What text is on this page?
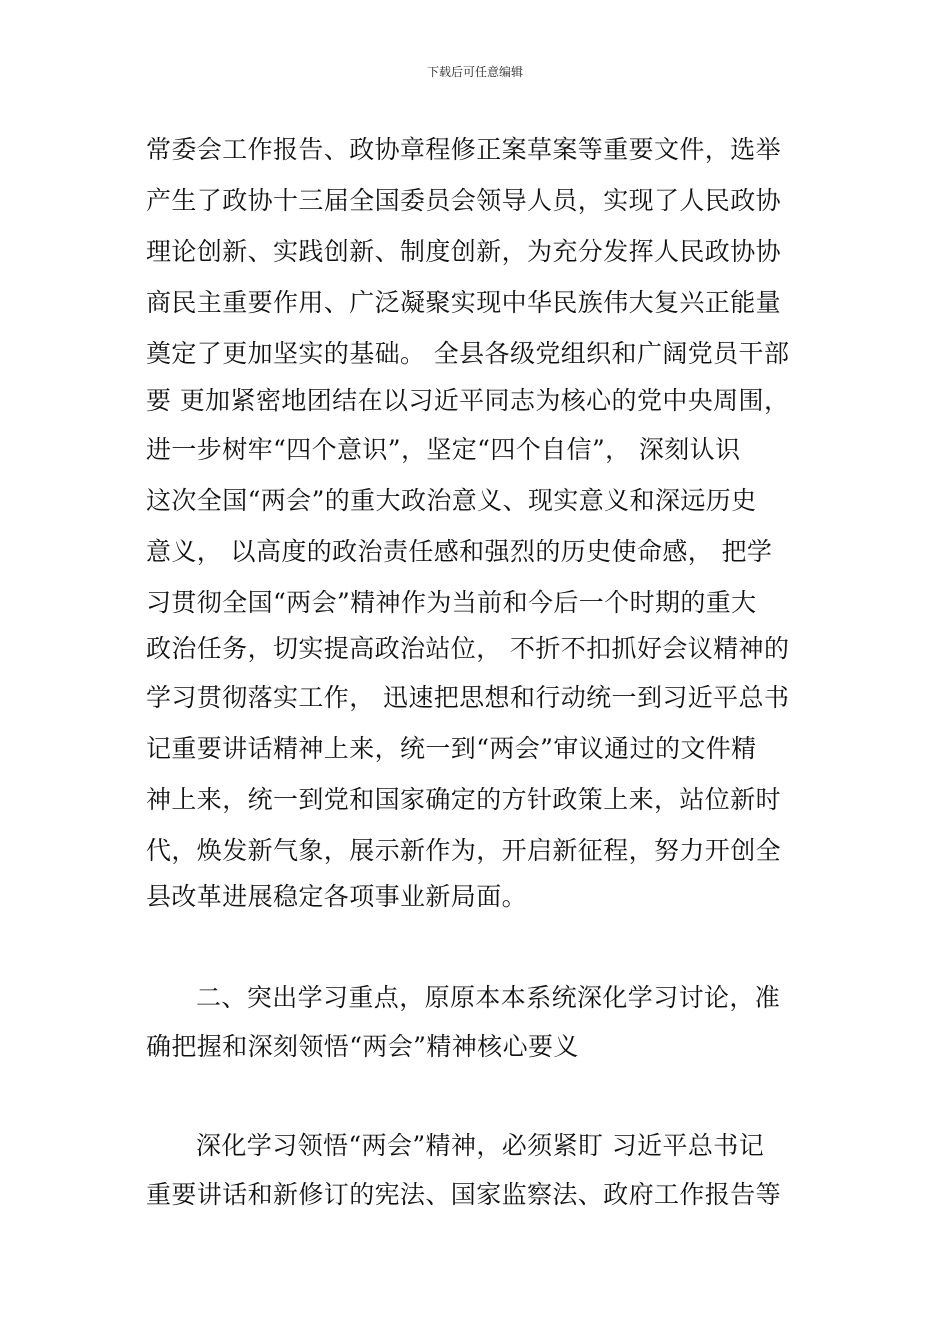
下载后可任意编辑
常委会工作报告、政协章程修正案草案等重要文件，选举
产生了政协十三届全国委员会领导人员，实现了人民政协
理论创新、实践创新、制度创新，为充分发挥人民政协协
商民主重要作用、广泛凝聚实现中华民族伟大复兴正能量
奠定了更加坚实的基础。 全县各级党组织和广阔党员干部
要 更加紧密地团结在以习近平同志为核心的党中央周围，
进一步树牢“四个意识”，坚定“四个自信”， 深刻认识
这次全国“两会”的重大政治意义、现实意义和深远历史
意义， 以高度的政治责任感和强烈的历史使命感， 把学
习贯彻全国“两会”精神作为当前和今后一个时期的重大
政治任务，切实提高政治站位， 不折不扣抓好会议精神的
学习贯彻落实工作， 迅速把思想和行动统一到习近平总书
记重要讲话精神上来，统一到“两会”审议通过的文件精
神上来，统一到党和国家确定的方针政策上来，站位新时
代，焕发新气象，展示新作为，开启新征程，努力开创全
县改革进展稳定各项事业新局面。
二、突出学习重点，原原本本系统深化学习讨论，准
确把握和深刻领悟“两会”精神核心要义
深化学习领悟“两会”精神，必须紧盯 习近平总书记
重要讲话和新修订的宪法、国家监察法、政府工作报告等
